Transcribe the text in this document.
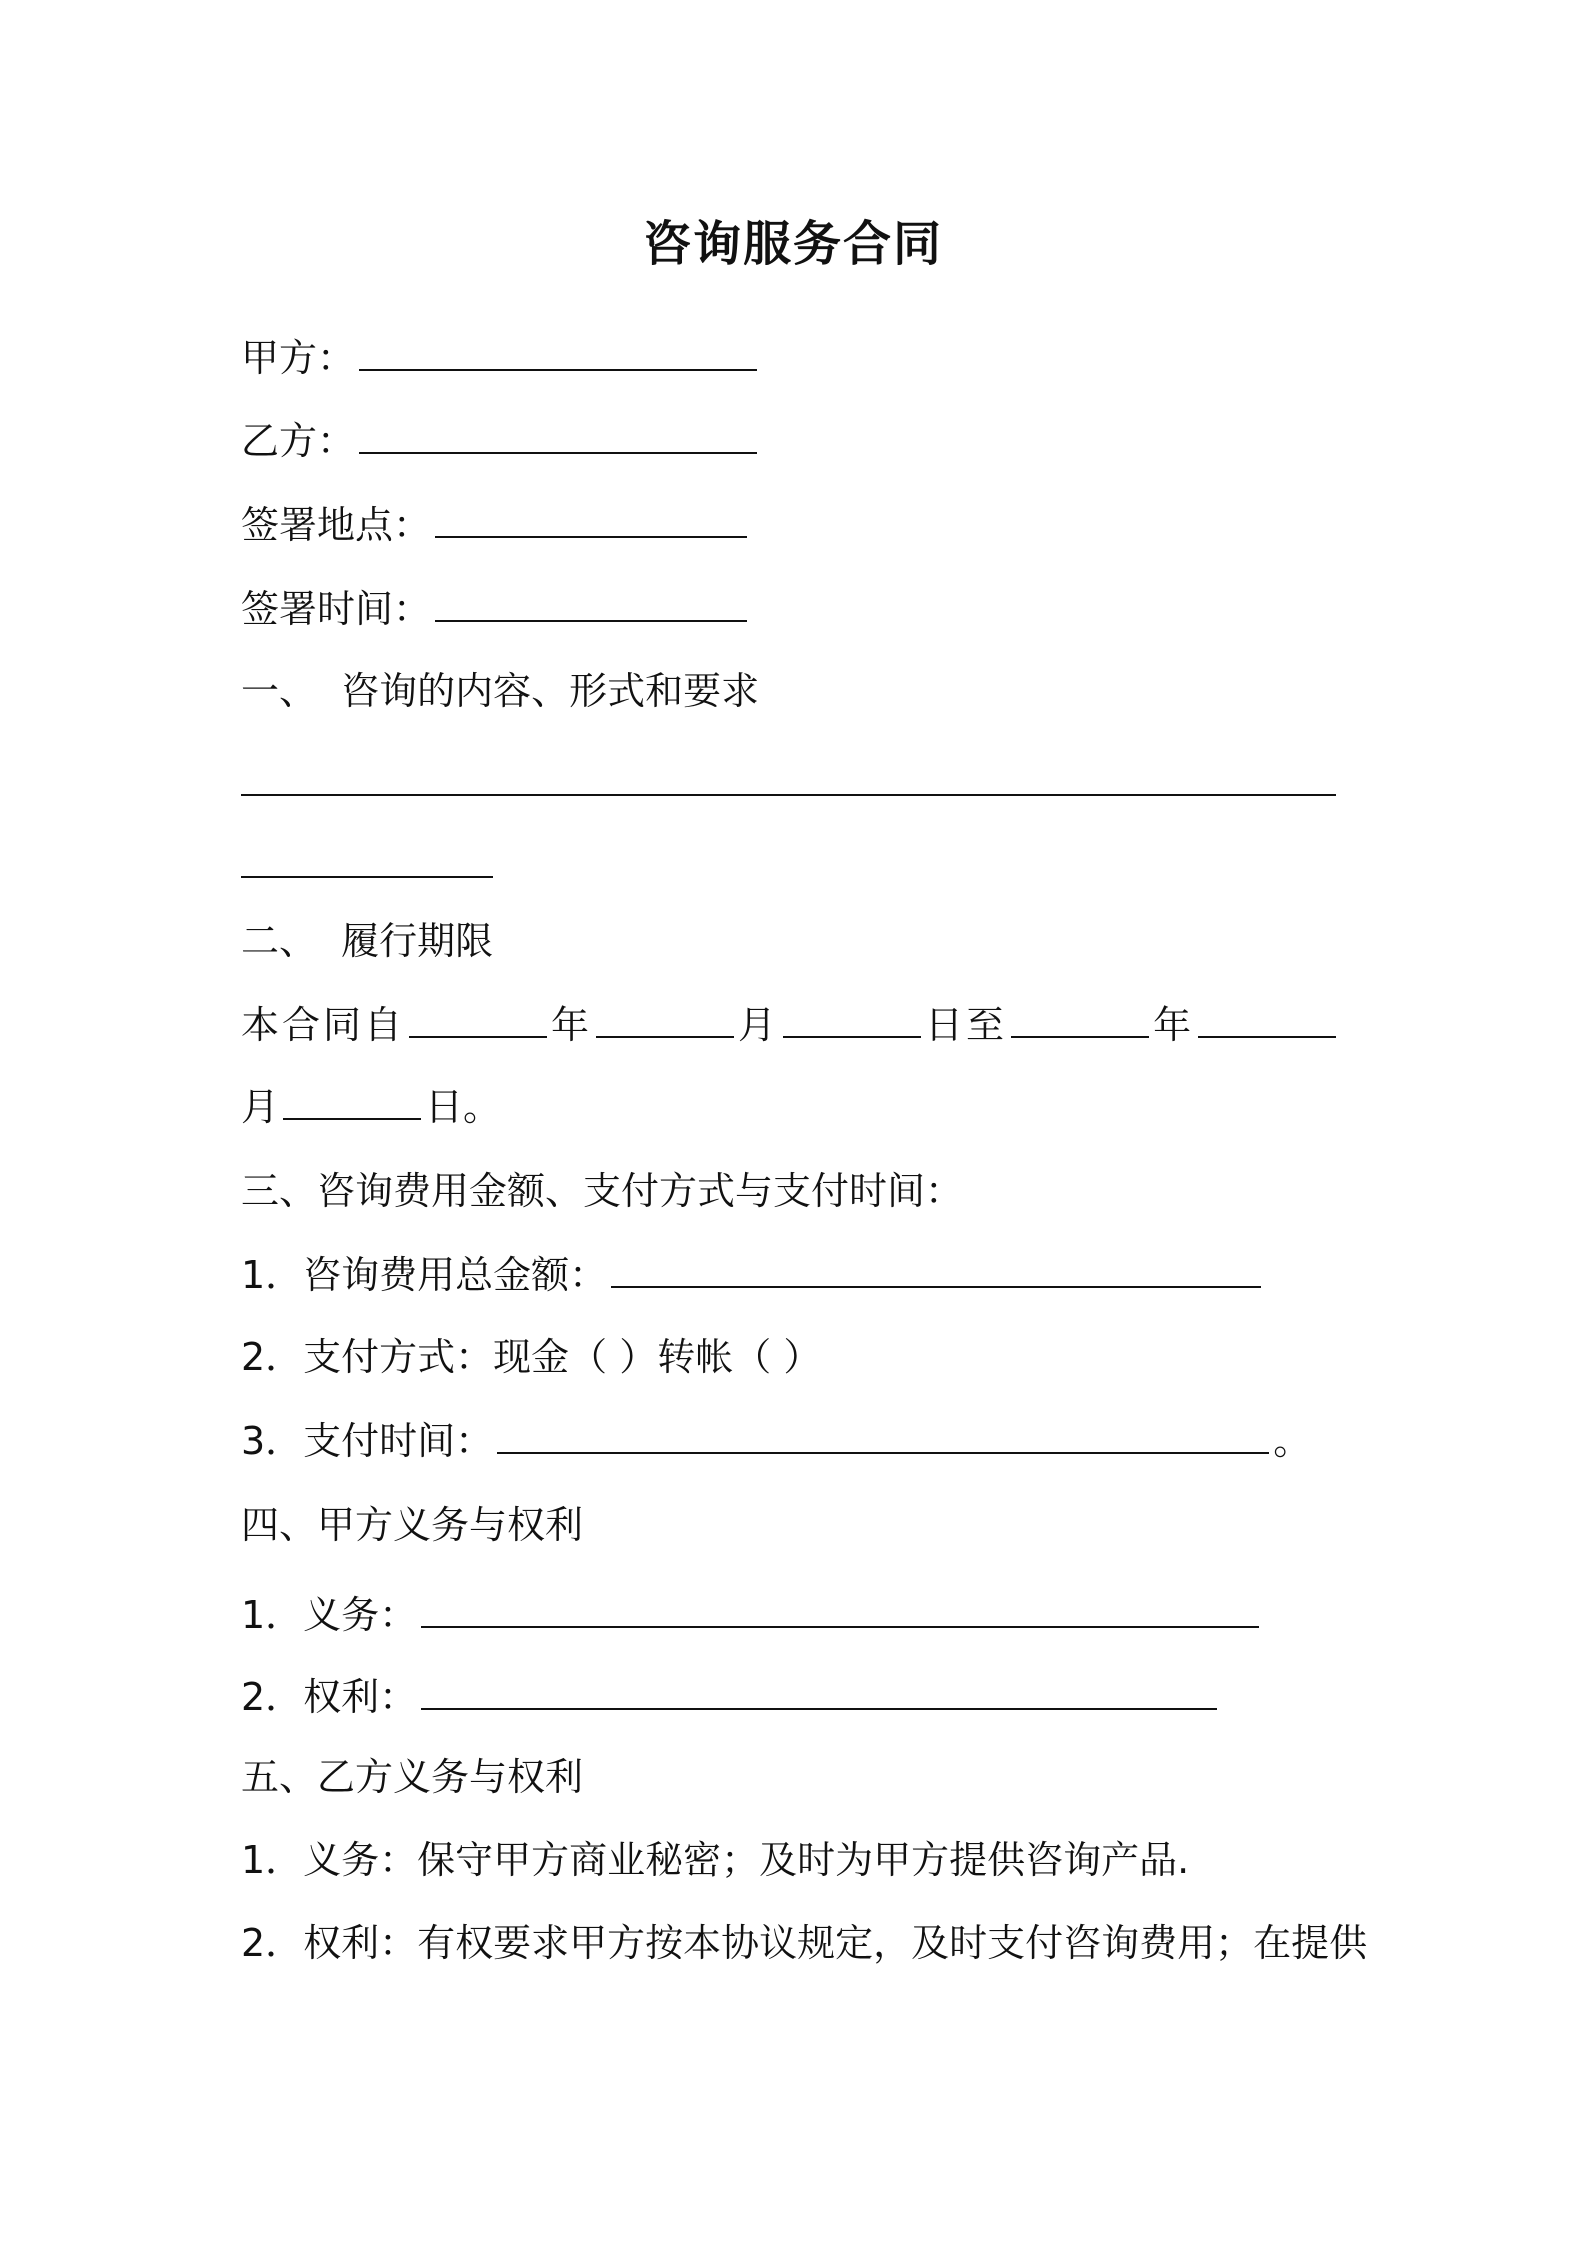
咨询服务合同
甲方：
乙方：
签署地点：
签署时间：
一、  咨询的内容、形式和要求
二、  履行期限
本合同自	年	月	日至	年
月	日。
三、咨询费用金额、支付方式与支付时间：
1．咨询费用总金额：
2．支付方式：现金（ ）转帐（ ）
3．支付时间：	。
四、甲方义务与权利
1．义务：
2．权利：
五、乙方义务与权利
1．义务：保守甲方商业秘密；及时为甲方提供咨询产品.
2．权利：有权要求甲方按本协议规定，及时支付咨询费用；在提供
